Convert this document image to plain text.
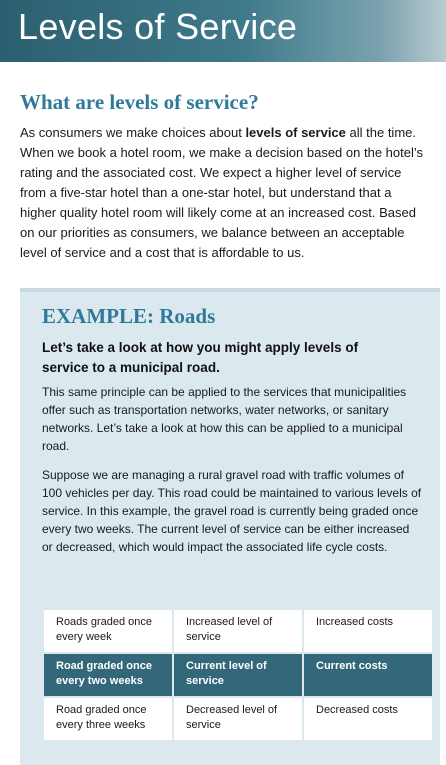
Levels of Service
What are levels of service?

As consumers we make choices about levels of service all the time. When we book a hotel room, we make a decision based on the hotel’s rating and the associated cost. We expect a higher level of service from a five-star hotel than a one-star hotel, but understand that a higher quality hotel room will likely come at an increased cost. Based on our priorities as consumers, we balance between an acceptable level of service and a cost that is affordable to us.

EXAMPLE: Roads

Let’s take a look at how you might apply levels of service to a municipal road.

This same principle can be applied to the services that municipalities offer such as transportation networks, water networks, or sanitary networks. Let’s take a look at how this can be applied to a municipal road.

Suppose we are managing a rural gravel road with traffic volumes of 100 vehicles per day. This road could be maintained to various levels of service. In this example, the gravel road is currently being graded once every two weeks. The current level of service can be either increased or decreased, which would impact the associated life cycle costs.

Roads graded once every week	Increased level of service	Increased costs
Road graded once every two weeks	Current level of service	Current costs
Road graded once every three weeks	Decreased level of service	Decreased costs
